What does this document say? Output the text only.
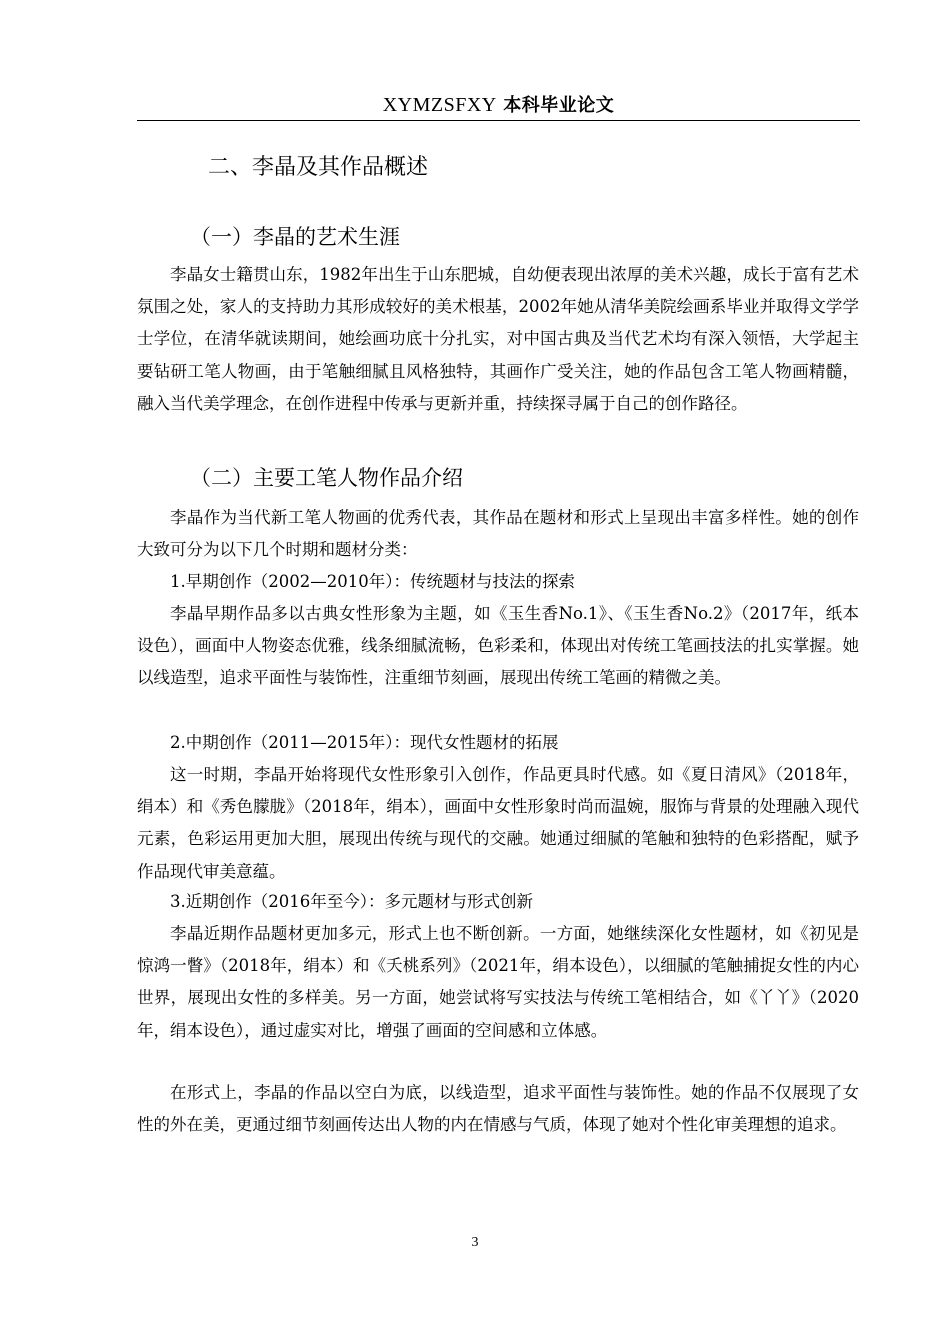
XYMZSFXY 本科毕业论文
二、李晶及其作品概述
（一）李晶的艺术生涯

李晶女士籍贯山东，1982年出生于山东肥城，自幼便表现出浓厚的美术兴趣，成长于富有艺术氛围之处，家人的支持助力其形成较好的美术根基，2002年她从清华美院绘画系毕业并取得文学学士学位，在清华就读期间，她绘画功底十分扎实，对中国古典及当代艺术均有深入领悟，大学起主要钻研工笔人物画，由于笔触细腻且风格独特，其画作广受关注，她的作品包含工笔人物画精髓，融入当代美学理念，在创作进程中传承与更新并重，持续探寻属于自己的创作路径。

（二）主要工笔人物作品介绍

李晶作为当代新工笔人物画的优秀代表，其作品在题材和形式上呈现出丰富多样性。她的创作大致可分为以下几个时期和题材分类：

1.早期创作（2002—2010年）：传统题材与技法的探索

李晶早期作品多以古典女性形象为主题，如《玉生香No.1》、《玉生香No.2》（2017年，纸本设色），画面中人物姿态优雅，线条细腻流畅，色彩柔和，体现出对传统工笔画技法的扎实掌握。她以线造型，追求平面性与装饰性，注重细节刻画，展现出传统工笔画的精微之美。

2.中期创作（2011—2015年）：现代女性题材的拓展

这一时期，李晶开始将现代女性形象引入创作，作品更具时代感。如《夏日清风》（2018年，绢本）和《秀色朦胧》（2018年，绢本），画面中女性形象时尚而温婉，服饰与背景的处理融入现代元素，色彩运用更加大胆，展现出传统与现代的交融。她通过细腻的笔触和独特的色彩搭配，赋予作品现代审美意蕴。

3.近期创作（2016年至今）：多元题材与形式创新

李晶近期作品题材更加多元，形式上也不断创新。一方面，她继续深化女性题材，如《初见是惊鸿一瞥》（2018年，绢本）和《夭桃系列》（2021年，绢本设色），以细腻的笔触捕捉女性的内心世界，展现出女性的多样美。另一方面，她尝试将写实技法与传统工笔相结合，如《丫丫》（2020年，绢本设色），通过虚实对比，增强了画面的空间感和立体感。

在形式上，李晶的作品以空白为底，以线造型，追求平面性与装饰性。她的作品不仅展现了女性的外在美，更通过细节刻画传达出人物的内在情感与气质，体现了她对个性化审美理想的追求。

3
